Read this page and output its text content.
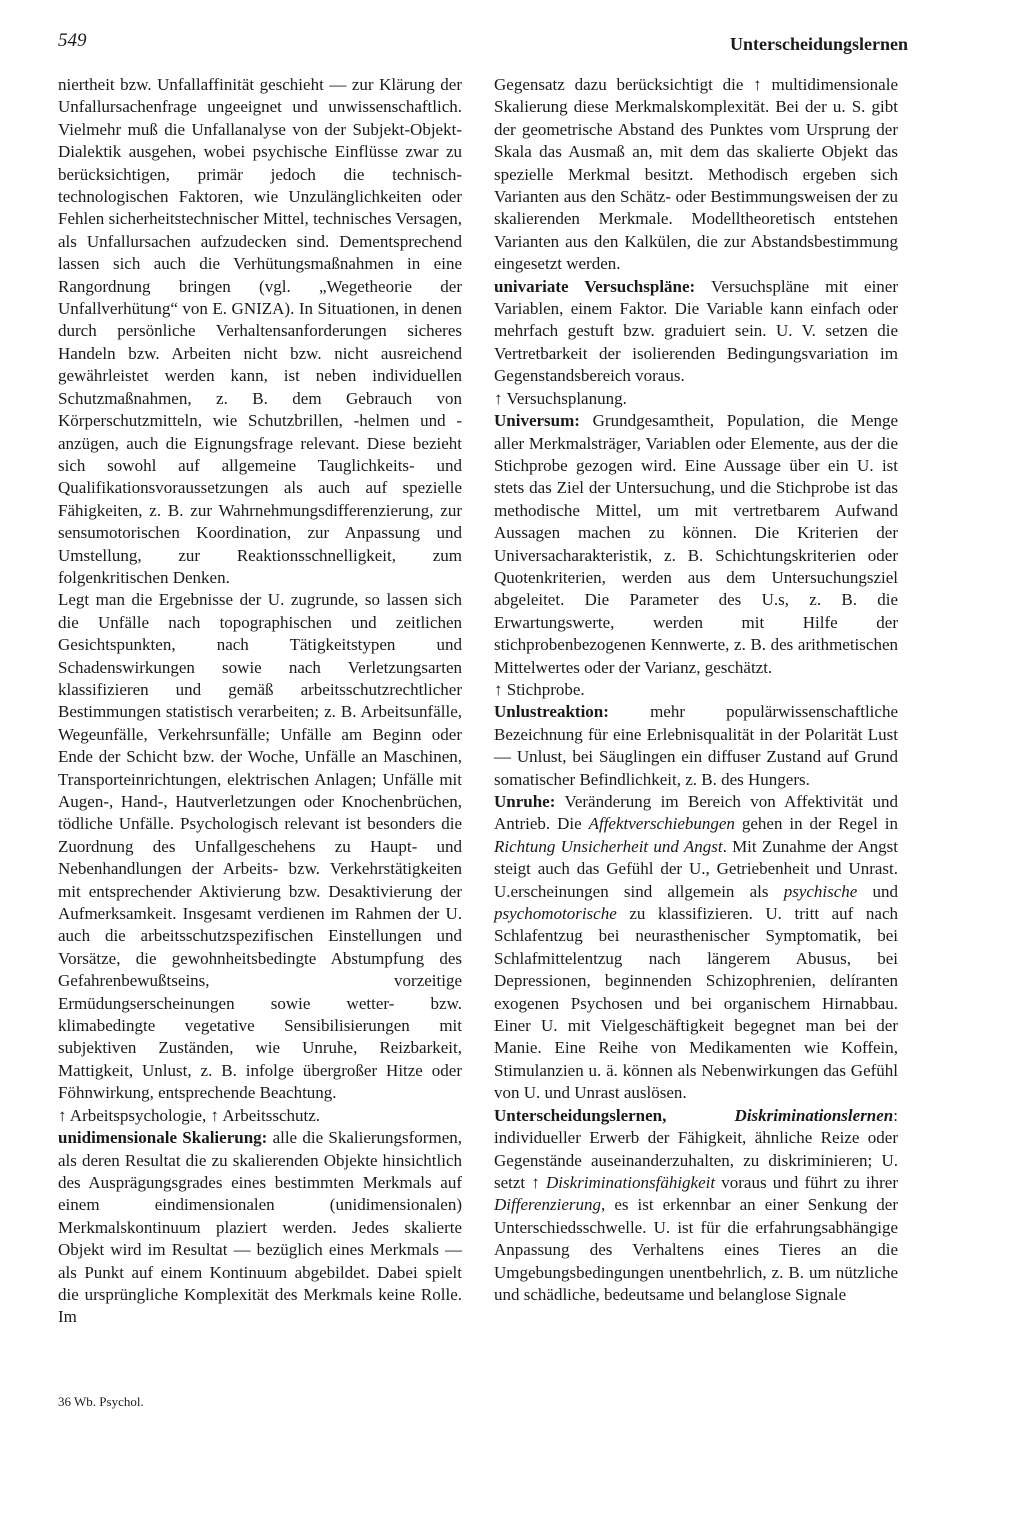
549	Unterscheidungslernen

niertheit bzw. Unfallaffinität geschieht — zur Klärung der Unfallursachenfrage ungeeignet und unwissenschaftlich. Vielmehr muß die Unfallanalyse von der Subjekt-Objekt-Dialektik ausgehen, wobei psychische Einflüsse zwar zu berücksichtigen, primär jedoch die technisch-technologischen Faktoren, wie Unzulänglichkeiten oder Fehlen sicherheitstechnischer Mittel, technisches Versagen, als Unfallursachen aufzudecken sind. Dementsprechend lassen sich auch die Verhütungsmaßnahmen in eine Rangordnung bringen (vgl. „Wegetheorie der Unfallverhütung“ von E. GNIZA). In Situationen, in denen durch persönliche Verhaltensanforderungen sicheres Handeln bzw. Arbeiten nicht bzw. nicht ausreichend gewährleistet werden kann, ist neben individuellen Schutzmaßnahmen, z. B. dem Gebrauch von Körperschutzmitteln, wie Schutzbrillen, -helmen und -anzügen, auch die Eignungsfrage relevant. Diese bezieht sich sowohl auf allgemeine Tauglichkeits- und Qualifikationsvoraussetzungen als auch auf spezielle Fähigkeiten, z. B. zur Wahrnehmungsdifferenzierung, zur sensumotorischen Koordination, zur Anpassung und Umstellung, zur Reaktionsschnelligkeit, zum folgenkritischen Denken.

Legt man die Ergebnisse der U. zugrunde, so lassen sich die Unfälle nach topographischen und zeitlichen Gesichtspunkten, nach Tätigkeitstypen und Schadenswirkungen sowie nach Verletzungsarten klassifizieren und gemäß arbeitsschutzrechtlicher Bestimmungen statistisch verarbeiten; z. B. Arbeitsunfälle, Wegeunfälle, Verkehrsunfälle; Unfälle am Beginn oder Ende der Schicht bzw. der Woche, Unfälle an Maschinen, Transporteinrichtungen, elektrischen Anlagen; Unfälle mit Augen-, Hand-, Hautverletzungen oder Knochenbrüchen, tödliche Unfälle. Psychologisch relevant ist besonders die Zuordnung des Unfallgeschehens zu Haupt- und Nebenhandlungen der Arbeits- bzw. Verkehrstätigkeiten mit entsprechender Aktivierung bzw. Desaktivierung der Aufmerksamkeit. Insgesamt verdienen im Rahmen der U. auch die arbeitsschutzspezifischen Einstellungen und Vorsätze, die gewohnheitsbedingte Abstumpfung des Gefahrenbewußtseins, vorzeitige Ermüdungserscheinungen sowie wetter- bzw. klimabedingte vegetative Sensibilisierungen mit subjektiven Zuständen, wie Unruhe, Reizbarkeit, Mattigkeit, Unlust, z. B. infolge übergroßer Hitze oder Föhnwirkung, entsprechende Beachtung.

↑ Arbeitspsychologie, ↑ Arbeitsschutz.

unidimensionale Skalierung: alle die Skalierungsformen, als deren Resultat die zu skalierenden Objekte hinsichtlich des Ausprägungsgrades eines bestimmten Merkmals auf einem eindimensionalen (unidimensionalen) Merkmalskontinuum plaziert werden. Jedes skalierte Objekt wird im Resultat — bezüglich eines Merkmals — als Punkt auf einem Kontinuum abgebildet. Dabei spielt die ursprüngliche Komplexität des Merkmals keine Rolle. Im

Gegensatz dazu berücksichtigt die ↑ multidimensionale Skalierung diese Merkmalskomplexität. Bei der u. S. gibt der geometrische Abstand des Punktes vom Ursprung der Skala das Ausmaß an, mit dem das skalierte Objekt das spezielle Merkmal besitzt. Methodisch ergeben sich Varianten aus den Schätz- oder Bestimmungsweisen der zu skalierenden Merkmale. Modelltheoretisch entstehen Varianten aus den Kalkülen, die zur Abstandsbestimmung eingesetzt werden.

univariate Versuchspläne: Versuchspläne mit einer Variablen, einem Faktor. Die Variable kann einfach oder mehrfach gestuft bzw. graduiert sein. U. V. setzen die Vertretbarkeit der isolierenden Bedingungsvariation im Gegenstandsbereich voraus.

↑ Versuchsplanung.

Universum: Grundgesamtheit, Population, die Menge aller Merkmalsträger, Variablen oder Elemente, aus der die Stichprobe gezogen wird. Eine Aussage über ein U. ist stets das Ziel der Untersuchung, und die Stichprobe ist das methodische Mittel, um mit vertretbarem Aufwand Aussagen machen zu können. Die Kriterien der Universacharakteristik, z. B. Schichtungskriterien oder Quotenkriterien, werden aus dem Untersuchungsziel abgeleitet. Die Parameter des U.s, z. B. die Erwartungswerte, werden mit Hilfe der stichprobenbezogenen Kennwerte, z. B. des arithmetischen Mittelwertes oder der Varianz, geschätzt.

↑ Stichprobe.

Unlustreaktion: mehr populärwissenschaftliche Bezeichnung für eine Erlebnisqualität in der Polarität Lust — Unlust, bei Säuglingen ein diffuser Zustand auf Grund somatischer Befindlichkeit, z. B. des Hungers.

Unruhe: Veränderung im Bereich von Affektivität und Antrieb. Die Affektverschiebungen gehen in der Regel in Richtung Unsicherheit und Angst. Mit Zunahme der Angst steigt auch das Gefühl der U., Getriebenheit und Unrast. U.erscheinungen sind allgemein als psychische und psychomotorische zu klassifizieren. U. tritt auf nach Schlafentzug bei neurasthenischer Symptomatik, bei Schlafmittelentzug nach längerem Abusus, bei Depressionen, beginnenden Schizophrenien, delíranten exogenen Psychosen und bei organischem Hirnabbau. Einer U. mit Vielgeschäftigkeit begegnet man bei der Manie. Eine Reihe von Medikamenten wie Koffein, Stimulanzien u. ä. können als Nebenwirkungen das Gefühl von U. und Unrast auslösen.

Unterscheidungslernen,	Diskriminationslernen: individueller Erwerb der Fähigkeit, ähnliche Reize oder Gegenstände auseinanderzuhalten, zu diskriminieren; U. setzt ↑ Diskriminationsfähigkeit voraus und führt zu ihrer Differenzierung, es ist erkennbar an einer Senkung der Unterschiedsschwelle. U. ist für die erfahrungsabhängige Anpassung des Verhaltens eines Tieres an die Umgebungsbedingungen unentbehrlich, z. B. um nützliche und schädliche, bedeutsame und belanglose Signale

36 Wb. Psychol.
